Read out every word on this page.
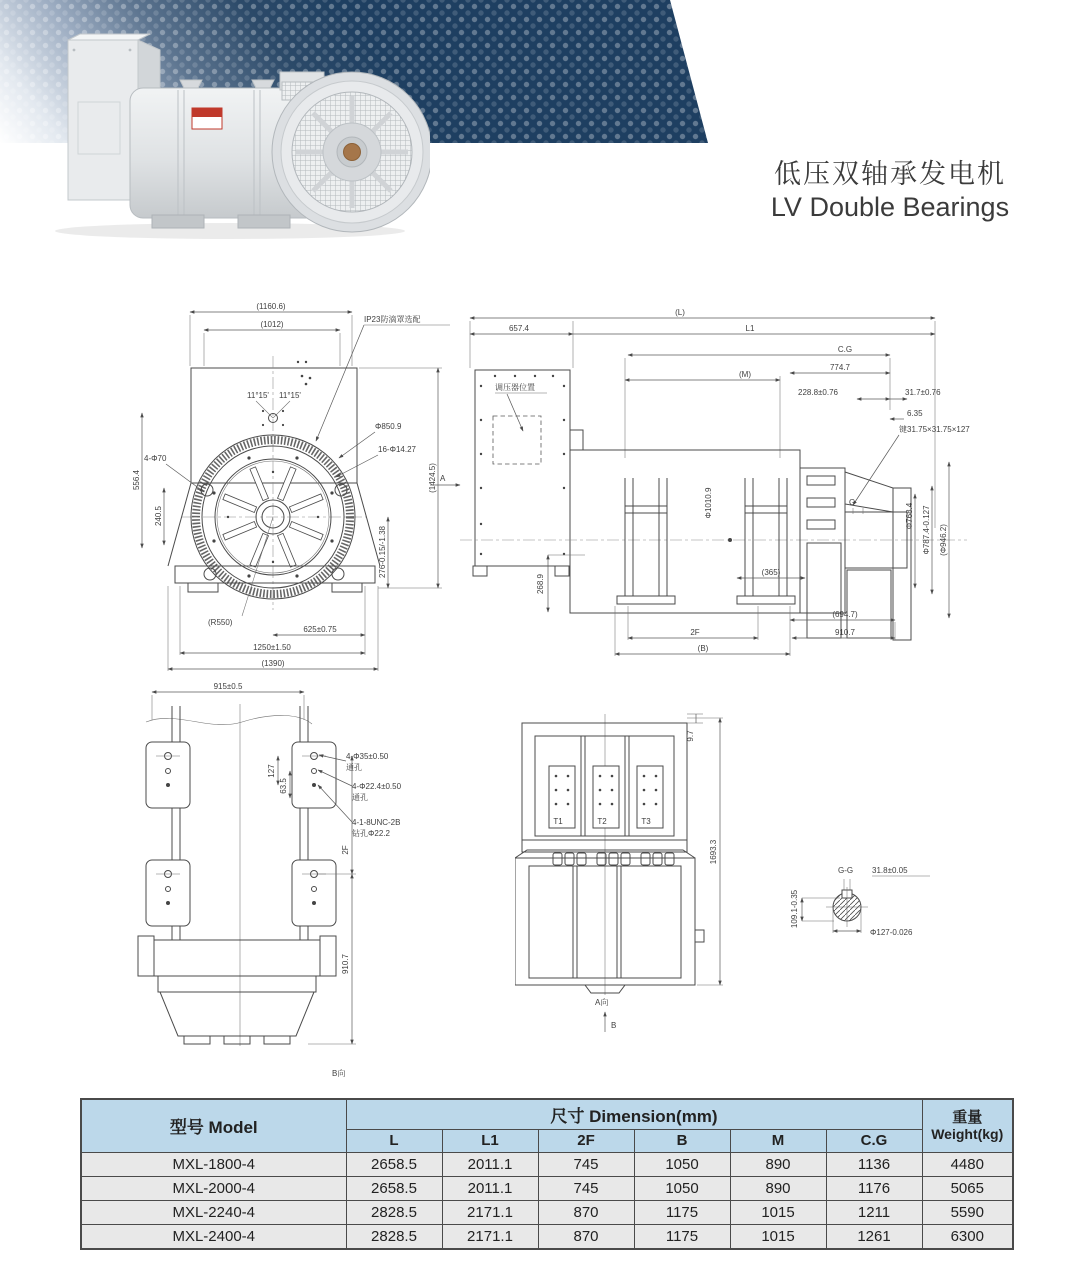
低压双轴承发电机
LV Double Bearings
(1160.6)
(1012)
IP23防滴罩选配
11°15' 11°15'
Φ850.9
16-Φ14.27
(1424.5) A
4-Φ70
556.4
240.5
276-0.15/-1.38
(R550)
625±0.75
1250±1.50
(1390)
(L)
657.4	L1
C.G
774.7
(M)
228.8±0.76	31.7±0.76
6.35
键31.75×31.75×127
调压器位置
Φ1010.9
(365)
268.9
G
Φ768.4 Φ787.4-0.127 (Φ946.2)
(694.7)
2F	910.7
(B)
915±0.5
4-Φ35±0.50
通孔
4-Φ22.4±0.50
通孔
4-1-8UNC-2B
钻孔Φ22.2
127
63.5
2F
910.7
B向
T1	T2	T3
9.7
1693.3
A向
B
G-G 31.8±0.05
Φ127-0.026
109.1-0.35
型号 Model	尺寸 Dimension(mm)						重量
Weight(kg)

	L	L1	2F	B	M	C.G	
MXL-1800-4	2658.5	2011.1	745	1050	890	1136	4480
MXL-2000-4	2658.5	2011.1	745	1050	890	1176	5065
MXL-2240-4	2828.5	2171.1	870	1175	1015	1211	5590
MXL-2400-4	2828.5	2171.1	870	1175	1015	1261	6300
